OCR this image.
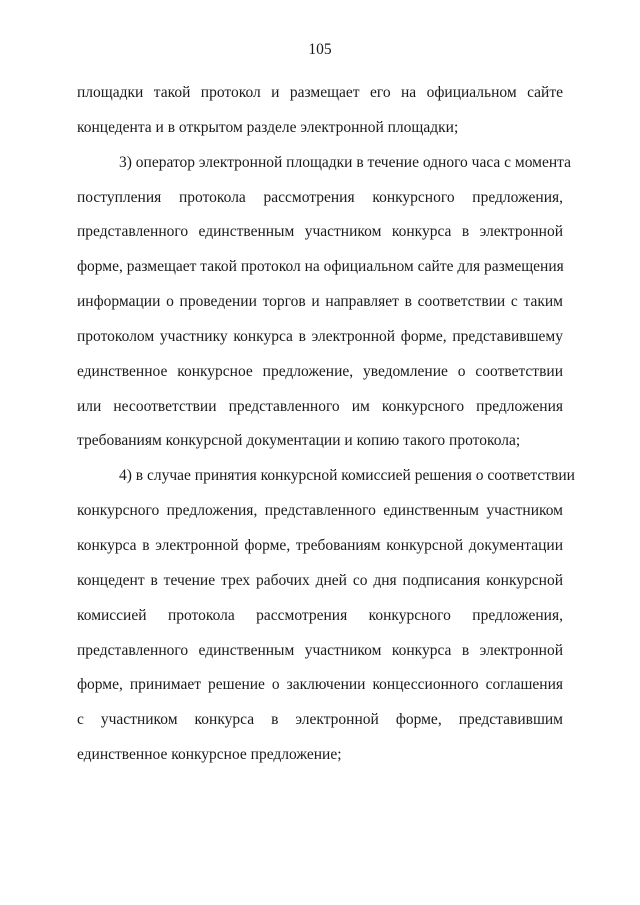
105
площадки такой протокол и размещает его на официальном сайте
концедента и в открытом разделе электронной площадки;
3) оператор электронной площадки в течение одного часа с момента
поступления протокола рассмотрения конкурсного предложения,
представленного единственным участником конкурса в электронной
форме, размещает такой протокол на официальном сайте для размещения
информации о проведении торгов и направляет в соответствии с таким
протоколом участнику конкурса в электронной форме, представившему
единственное конкурсное предложение, уведомление о соответствии
или несоответствии представленного им конкурсного предложения
требованиям конкурсной документации и копию такого протокола;
4) в случае принятия конкурсной комиссией решения о соответствии
конкурсного предложения, представленного единственным участником
конкурса в электронной форме, требованиям конкурсной документации
концедент в течение трех рабочих дней со дня подписания конкурсной
комиссией протокола рассмотрения конкурсного предложения,
представленного единственным участником конкурса в электронной
форме, принимает решение о заключении концессионного соглашения
с участником конкурса в электронной форме, представившим
единственное конкурсное предложение;
